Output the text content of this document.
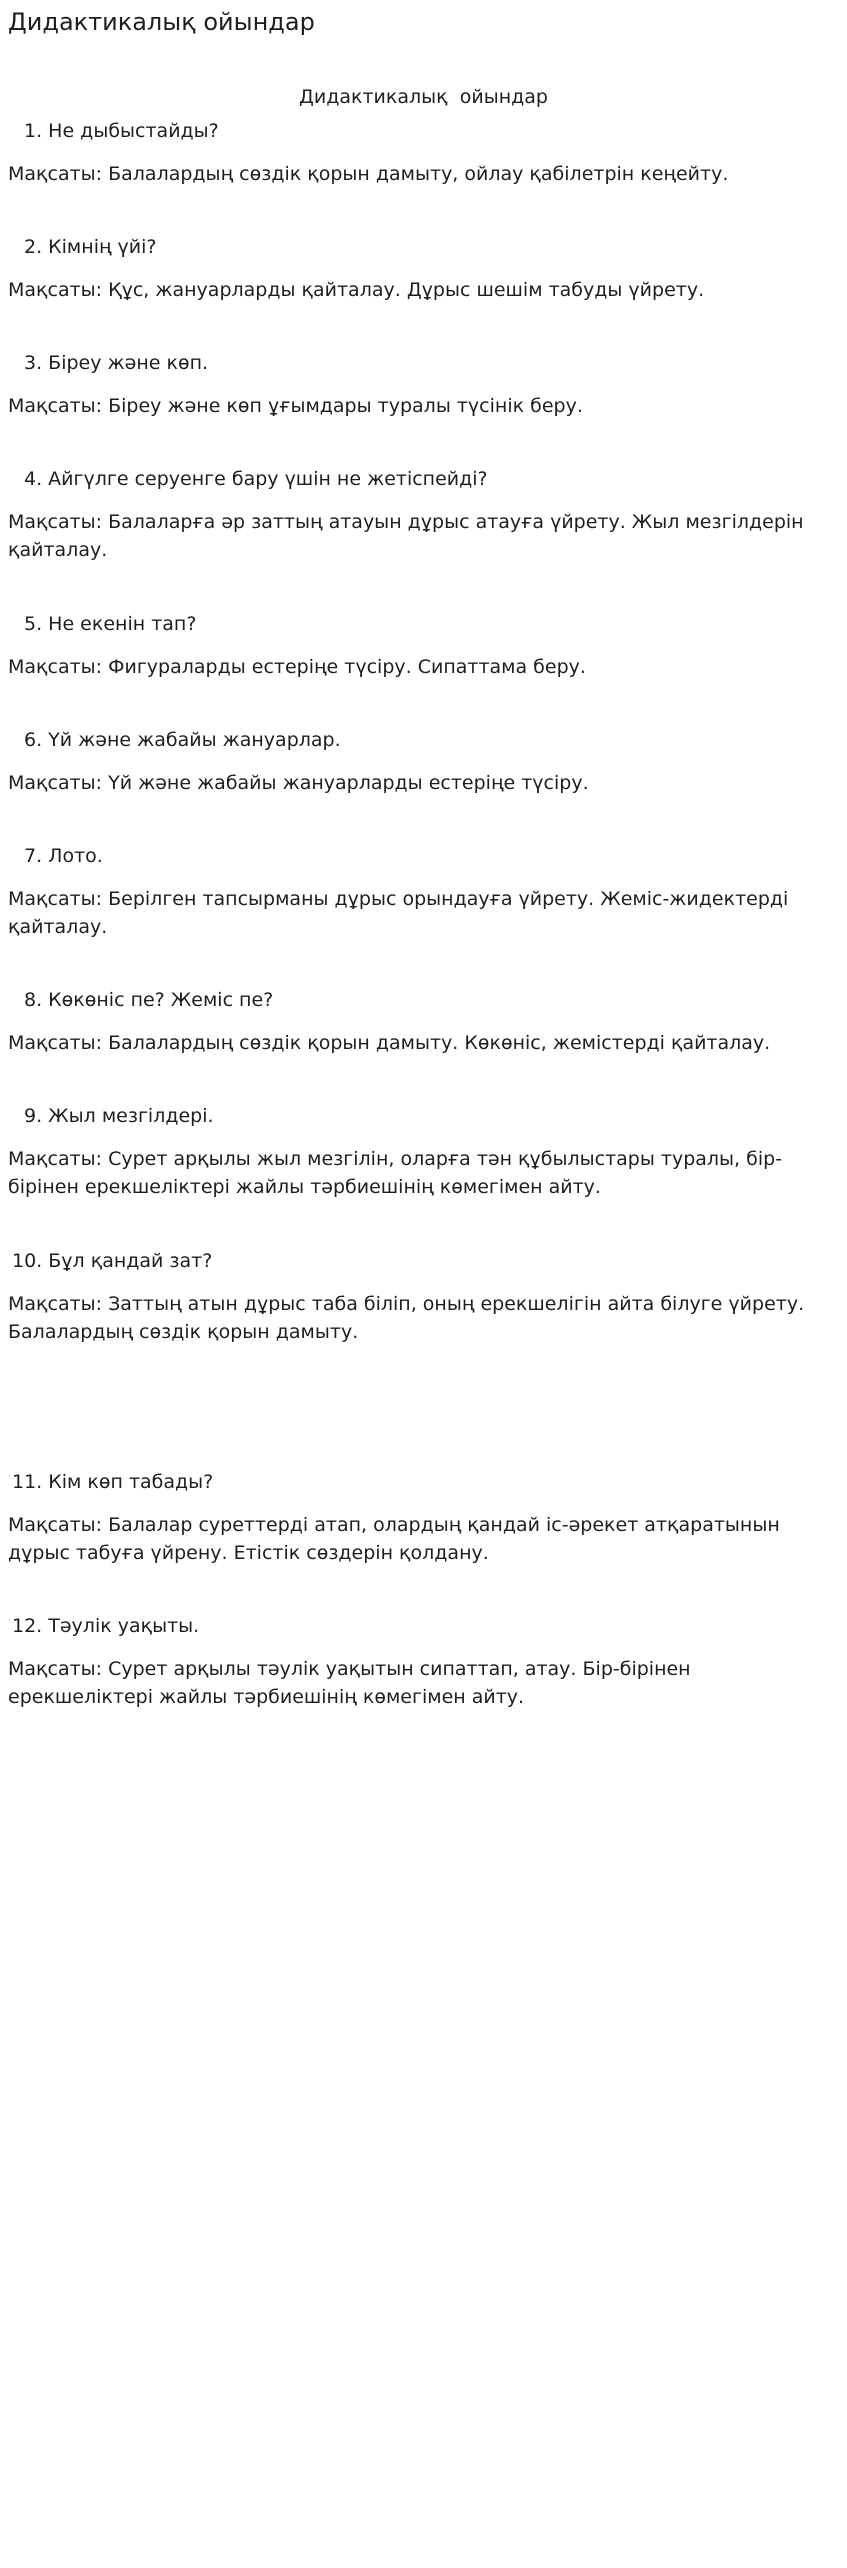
Дидактикалық ойындар
Дидактикалық  ойындар
1. Не дыбыстайды?
Мақсаты: Балалардың сөздік қорын дамыту, ойлау қабілетрін кеңейту.
2. Кімнің үйі?
Мақсаты: Құс, жануарларды қайталау. Дұрыс шешім табуды үйрету.
3. Біреу және көп.
Мақсаты: Біреу және көп ұғымдары туралы түсінік беру.
4. Айгүлге серуенге бару үшін не жетіспейді?
Мақсаты: Балаларға әр заттың атауын дұрыс атауға үйрету. Жыл мезгілдерін қайталау.
5. Не екенін тап?
Мақсаты: Фигураларды естеріңе түсіру. Сипаттама беру.
6. Үй және жабайы жануарлар.
Мақсаты: Үй және жабайы жануарларды естеріңе түсіру.
7. Лото.
Мақсаты: Берілген тапсырманы дұрыс орындауға үйрету. Жеміс-жидектерді қайталау.
8. Көкөніс пе? Жеміс пе?
Мақсаты: Балалардың сөздік қорын дамыту. Көкөніс, жемістерді қайталау.
9. Жыл мезгілдері.
Мақсаты: Сурет арқылы жыл мезгілін, оларға тән құбылыстары туралы, бір-бірінен ерекшеліктері жайлы тәрбиешінің көмегімен айту.
10. Бұл қандай зат?
Мақсаты: Заттың атын дұрыс таба біліп, оның ерекшелігін айта білуге үйрету. Балалардың сөздік қорын дамыту.
11. Кім көп табады?
Мақсаты: Балалар суреттерді атап, олардың қандай іс-әрекет атқаратынын дұрыс табуға үйрену. Етістік сөздерін қолдану.
12. Тәулік уақыты.
Мақсаты: Сурет арқылы тәулік уақытын сипаттап, атау. Бір-бірінен ерекшеліктері жайлы тәрбиешінің көмегімен айту.
